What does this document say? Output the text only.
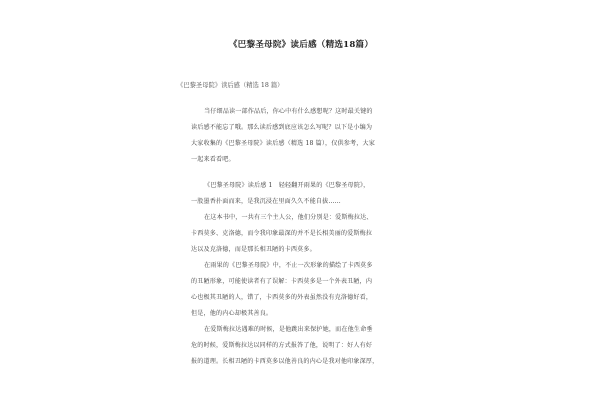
《巴黎圣母院》读后感（精选18篇）
《巴黎圣母院》读后感（精选 18 篇）
当仔细品读一部作品后，你心中有什么感想呢？这时最关键的
读后感不能忘了哦。那么读后感到底应该怎么写呢？以下是小编为
大家收集的《巴黎圣母院》读后感（精选 18 篇），仅供参考，大家
一起来看看吧。
《巴黎圣母院》读后感 1　轻轻翻开雨果的《巴黎圣母院》，
一股墨香扑面而来，是我沉浸在里面久久不能自拔……
在这本书中，一共有三个主人公，他们分别是：爱斯梅拉达、
卡西莫多、克洛德，而令我印象最深的并不是长相美丽的爱斯梅拉
达以及克洛德，而是那长相丑陋的卡西莫多。
在雨果的《巴黎圣母院》中，不止一次形象的描绘了卡西莫多
的丑陋形象，可能使读者有了误解：卡西莫多是一个外表丑陋，内
心也极其丑陋的人，错了，卡西莫多的外表虽然没有克洛德好看，
但是，他的内心却极其善良。
在爱斯梅拉达遇难的时候，是他跳出来保护她，而在他生命垂
危的时候，爱斯梅拉达以同样的方式报答了他，说明了：好人有好
报的道理。长相丑陋的卡西莫多以他善良的内心是我对他印象深厚，
